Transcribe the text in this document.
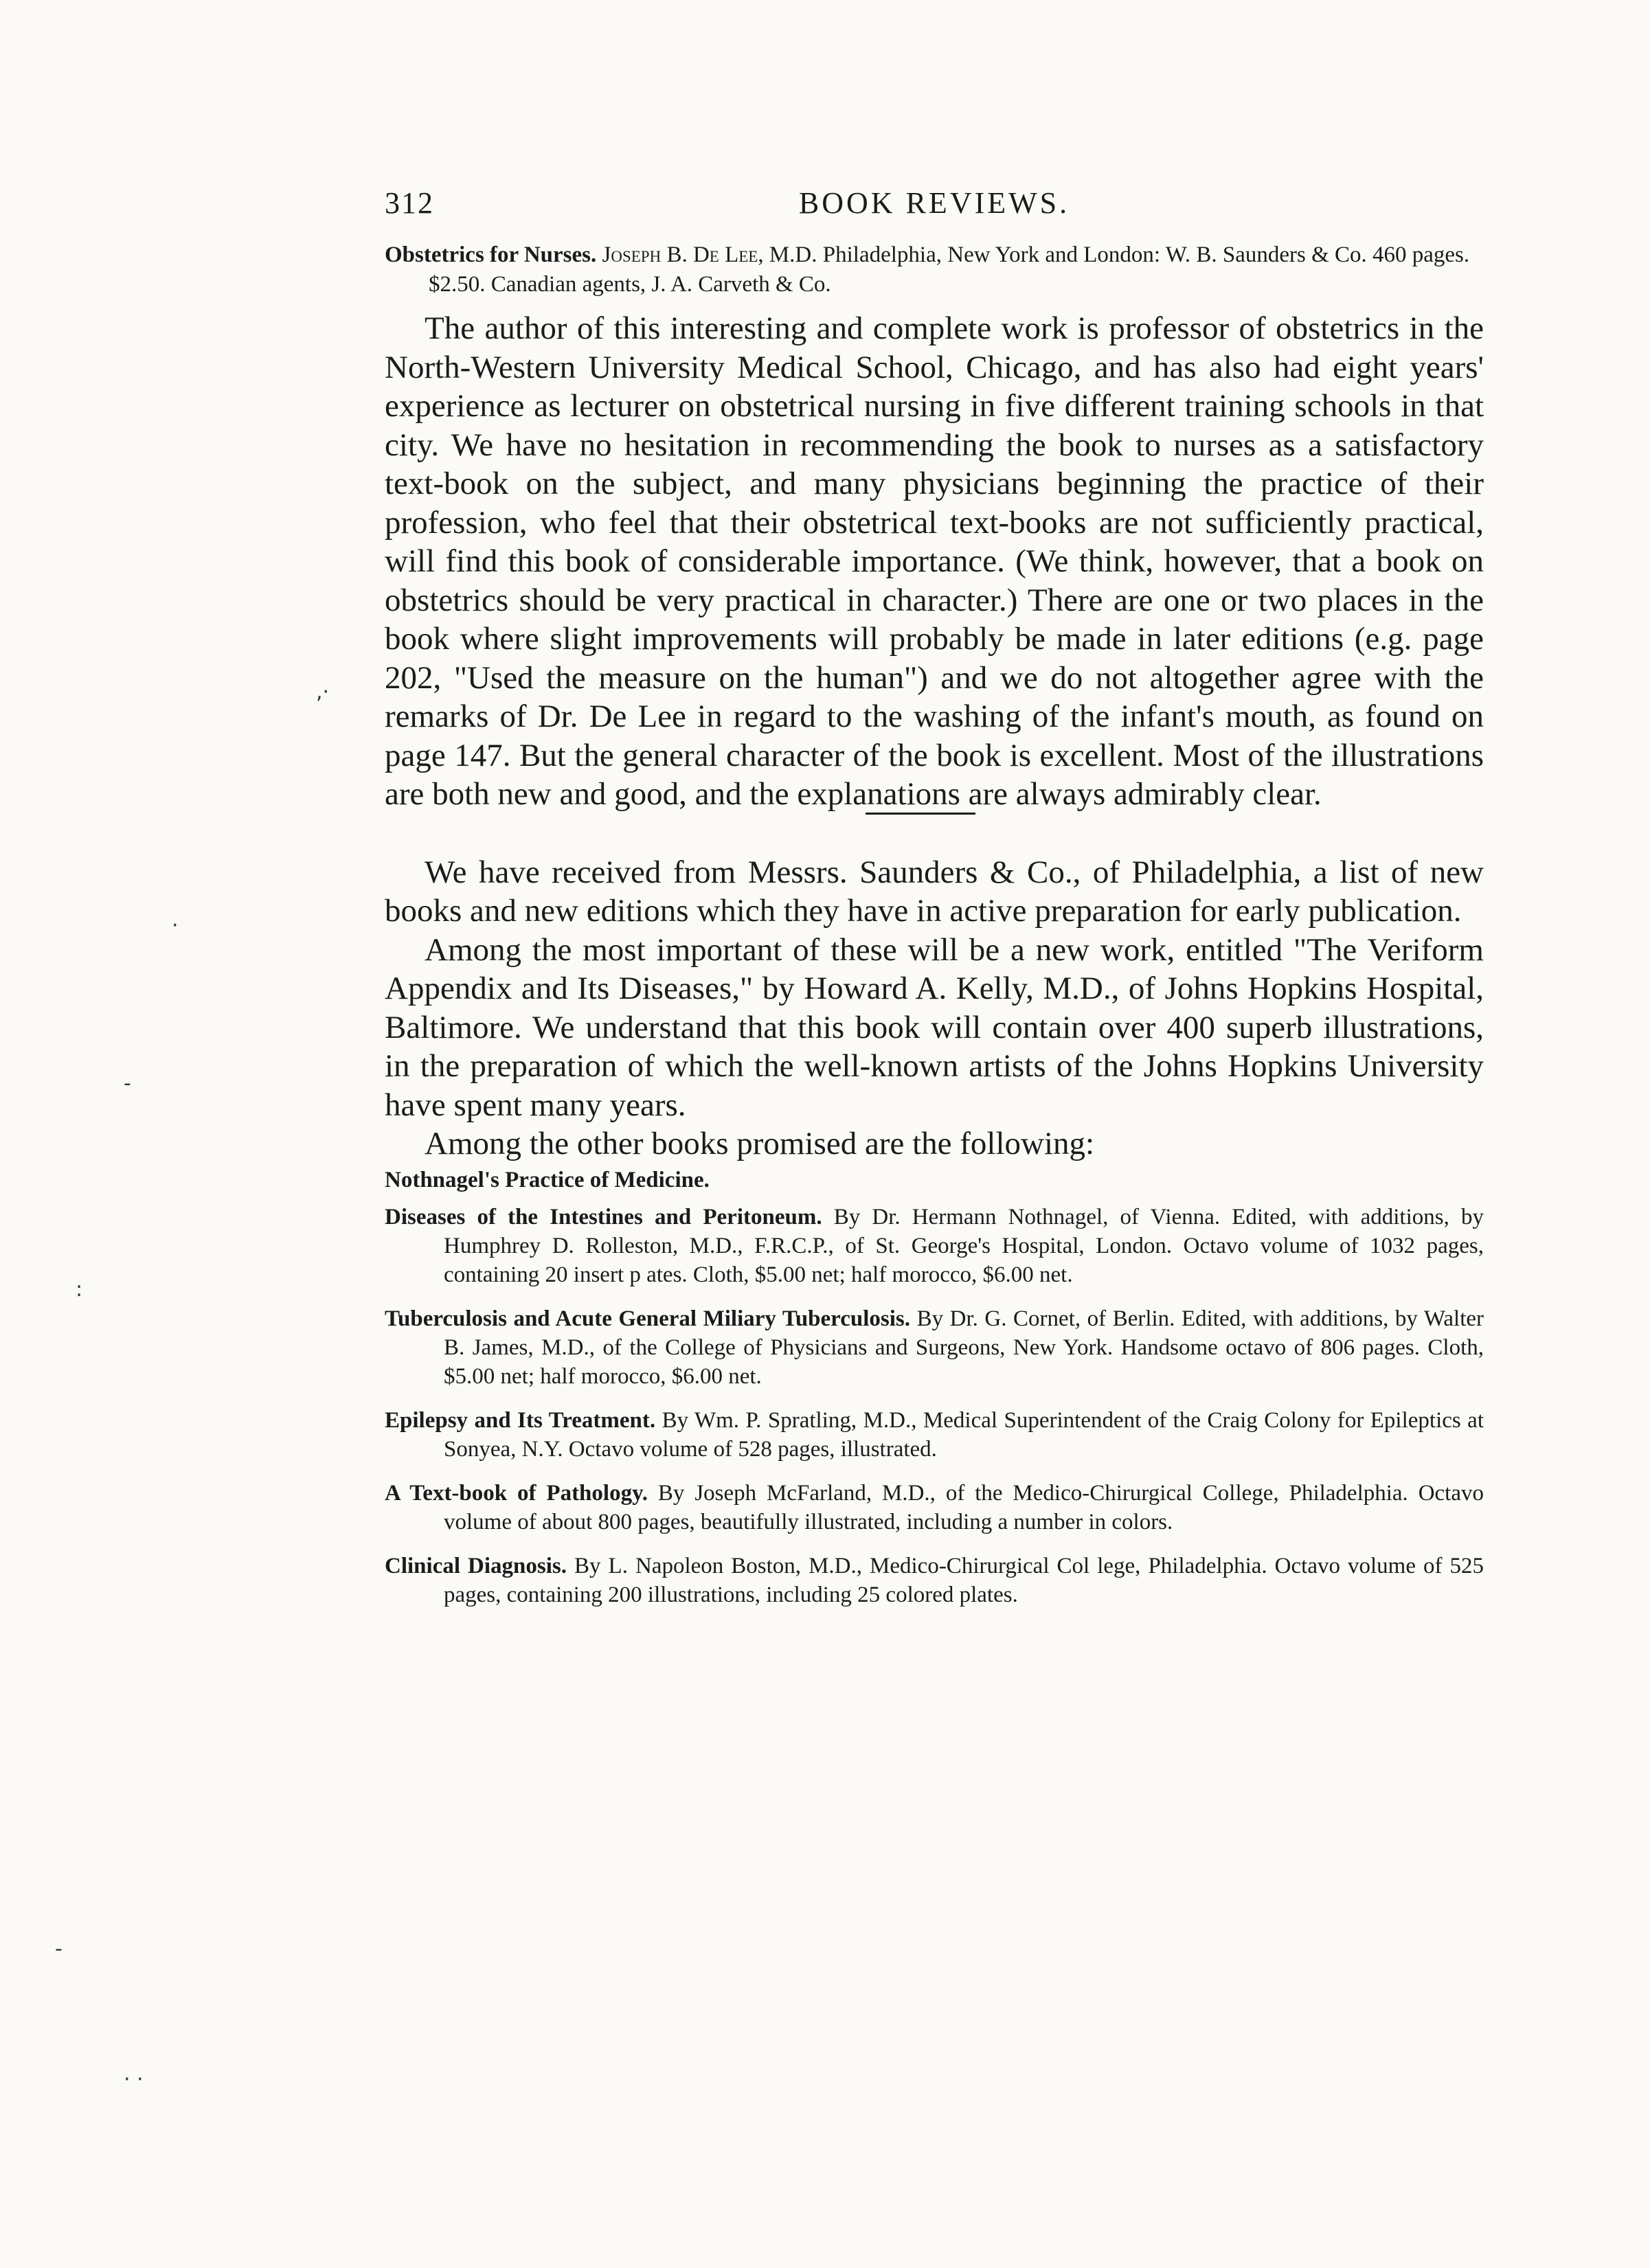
312	BOOK REVIEWS.

Obstetrics for Nurses. Joseph B. De Lee, M.D. Philadelphia, New York and London: W. B. Saunders & Co. 460 pages. $2.50. Canadian agents, J. A. Carveth & Co.

The author of this interesting and complete work is professor of obstetrics in the North-Western University Medical School, Chicago, and has also had eight years' experience as lecturer on obstetrical nursing in five different training schools in that city. We have no hesitation in recommending the book to nurses as a satisfactory text-book on the subject, and many physicians beginning the practice of their profession, who feel that their obstetrical text-books are not sufficiently practical, will find this book of considerable importance. (We think, however, that a book on obstetrics should be very practical in character.) There are one or two places in the book where slight improvements will probably be made in later editions (e.g. page 202, "Used the measure on the human") and we do not altogether agree with the remarks of Dr. De Lee in regard to the washing of the infant's mouth, as found on page 147. But the general character of the book is excellent. Most of the illustrations are both new and good, and the explanations are always admirably clear.

We have received from Messrs. Saunders & Co., of Philadelphia, a list of new books and new editions which they have in active preparation for early publication.

Among the most important of these will be a new work, entitled "The Veriform Appendix and Its Diseases," by Howard A. Kelly, M.D., of Johns Hopkins Hospital, Baltimore. We understand that this book will contain over 400 superb illustrations, in the preparation of which the well-known artists of the Johns Hopkins University have spent many years.

Among the other books promised are the following:

Nothnagel's Practice of Medicine.

Diseases of the Intestines and Peritoneum. By Dr. Hermann Nothnagel, of Vienna. Edited, with additions, by Humphrey D. Rolleston, M.D., F.R.C.P., of St. George's Hospital, London. Octavo volume of 1032 pages, containing 20 insert p ates. Cloth, $5.00 net; half morocco, $6.00 net.

Tuberculosis and Acute General Miliary Tuberculosis. By Dr. G. Cornet, of Berlin. Edited, with additions, by Walter B. James, M.D., of the College of Physicians and Surgeons, New York. Handsome octavo of 806 pages. Cloth, $5.00 net; half morocco, $6.00 net.

Epilepsy and Its Treatment. By Wm. P. Spratling, M.D., Medical Superintendent of the Craig Colony for Epileptics at Sonyea, N.Y. Octavo volume of 528 pages, illustrated.

A Text-book of Pathology. By Joseph McFarland, M.D., of the Medico-Chirurgical College, Philadelphia. Octavo volume of about 800 pages, beautifully illustrated, including a number in colors.

Clinical Diagnosis. By L. Napoleon Boston, M.D., Medico-Chirurgical Col lege, Philadelphia. Octavo volume of 525 pages, containing 200 illustrations, including 25 colored plates.

,·
·
-
:
-
· ·
